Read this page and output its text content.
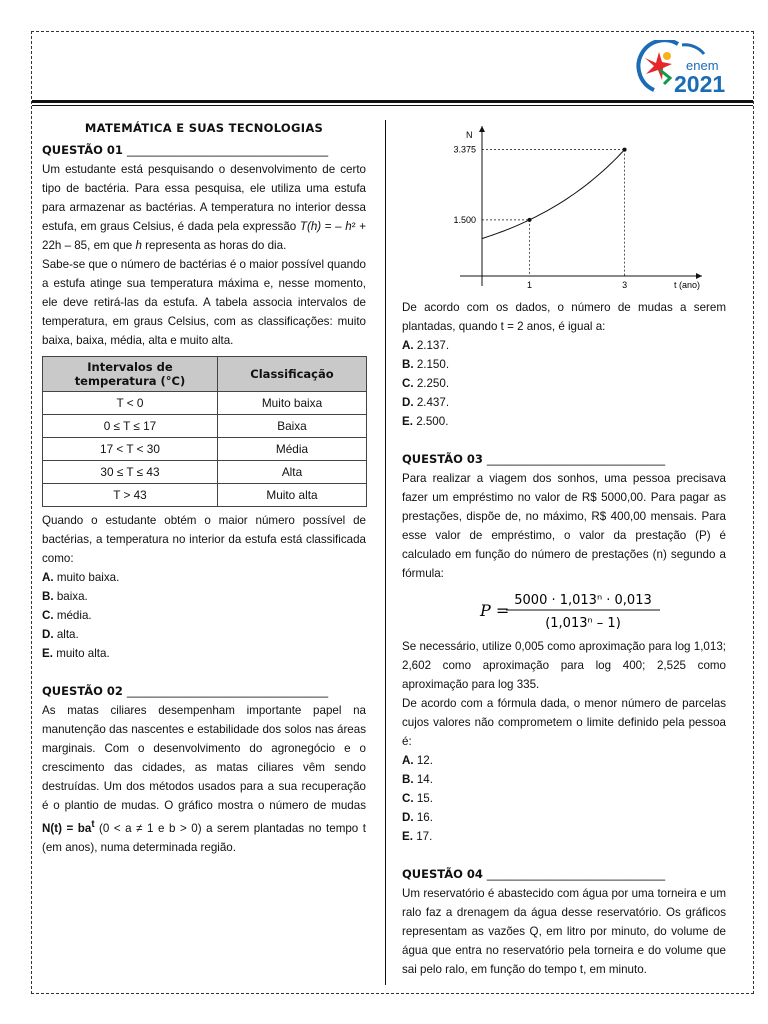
enem
2021
MATEMÁTICA E SUAS TECNOLOGIAS
QUESTÃO 01 ___________________________________

Um estudante está pesquisando o desenvolvimento de certo tipo de bactéria. Para essa pesquisa, ele utiliza uma estufa para armazenar as bactérias. A temperatura no interior dessa estufa, em graus Celsius, é dada pela expressão T(h) = – h² + 22h – 85, em que h representa as horas do dia.

Sabe-se que o número de bactérias é o maior possível quando a estufa atinge sua temperatura máxima e, nesse momento, ele deve retirá-las da estufa. A tabela associa intervalos de temperatura, em graus Celsius, com as classificações: muito baixa, baixa, média, alta e muito alta.

Intervalos de temperatura (°C)	Classificação
T < 0	Muito baixa
0 ≤ T ≤ 17	Baixa
17 < T < 30	Média
30 ≤ T ≤ 43	Alta
T > 43	Muito alta

Quando o estudante obtém o maior número possível de bactérias, a temperatura no interior da estufa está classificada como:

A. muito baixa.
B. baixa.
C. média.
D. alta.
E. muito alta.
QUESTÃO 02 ___________________________________

As matas ciliares desempenham importante papel na manutenção das nascentes e estabilidade dos solos nas áreas marginais. Com o desenvolvimento do agronegócio e o crescimento das cidades, as matas ciliares vêm sendo destruídas. Um dos métodos usados para a sua recuperação é o plantio de mudas. O gráfico mostra o número de mudas $N(t) = ba^t$ (0 < a ≠ 1 e b > 0) a serem plantadas no tempo t (em anos), numa determinada região.

N
t (ano)
1.500
1
3.375
3

De acordo com os dados, o número de mudas a serem plantadas, quando t = 2 anos, é igual a:

A. 2.137.
B. 2.150.
C. 2.250.
D. 2.437.
E. 2.500.
QUESTÃO 03 _______________________________

Para realizar a viagem dos sonhos, uma pessoa precisava fazer um empréstimo no valor de R$ 5000,00. Para pagar as prestações, dispõe de, no máximo, R$ 400,00 mensais. Para esse valor de empréstimo, o valor da prestação (P) é calculado em função do número de prestações (n) segundo a fórmula:

P =
5000 · 1,013ⁿ · 0,013
(1,013ⁿ – 1)

Se necessário, utilize 0,005 como aproximação para log 1,013; 2,602 como aproximação para log 400; 2,525 como aproximação para log 335.

De acordo com a fórmula dada, o menor número de parcelas cujos valores não comprometem o limite definido pela pessoa é:

A. 12.
B. 14.
C. 15.
D. 16.
E. 17.
QUESTÃO 04 _______________________________

Um reservatório é abastecido com água por uma torneira e um ralo faz a drenagem da água desse reservatório. Os gráficos representam as vazões Q, em litro por minuto, do volume de água que entra no reservatório pela torneira e do volume que sai pelo ralo, em função do tempo t, em minuto.
